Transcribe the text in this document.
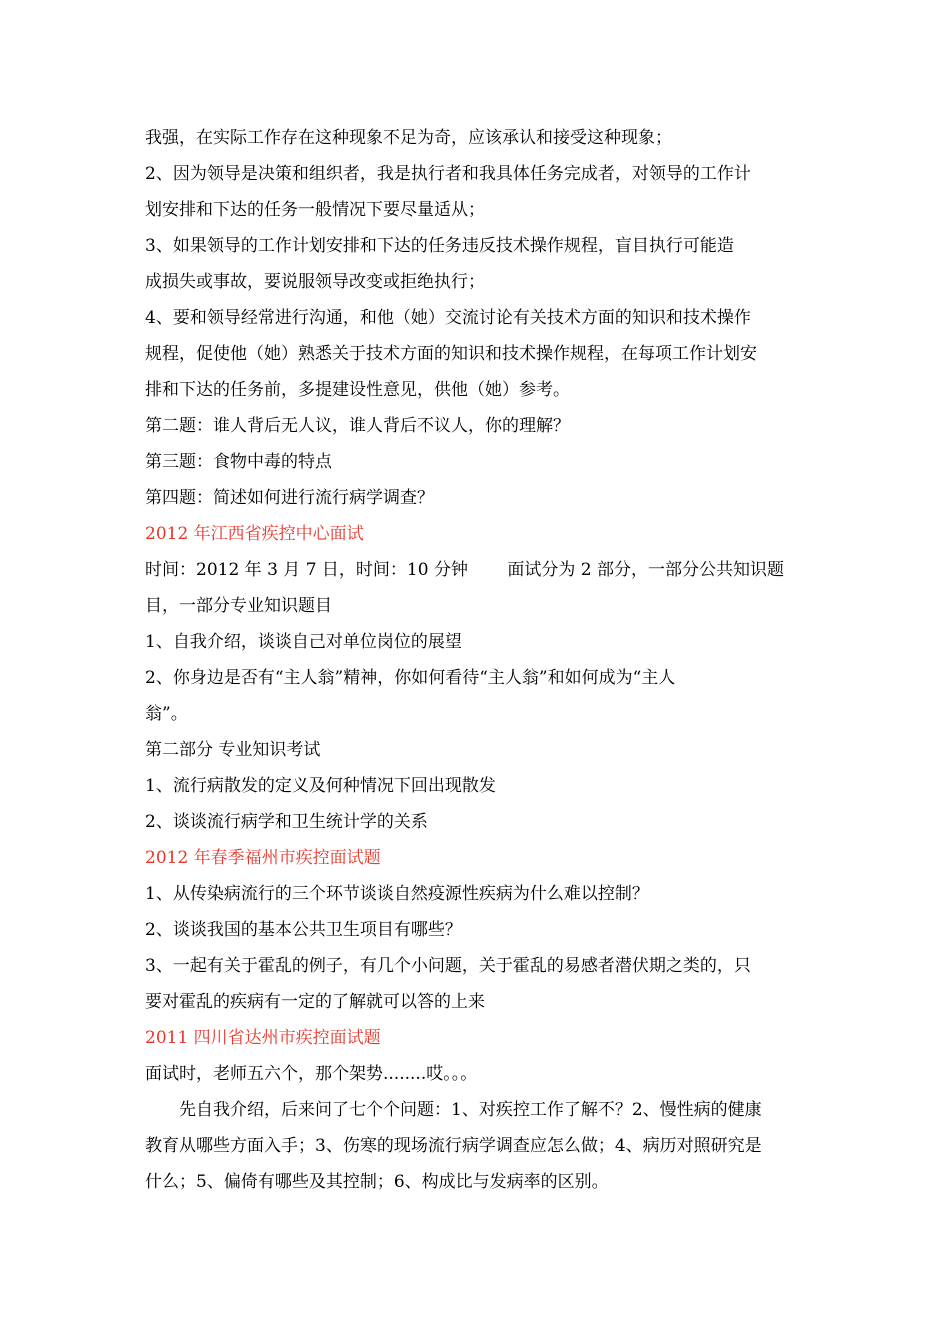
我强，在实际工作存在这种现象不足为奇，应该承认和接受这种现象；

2、因为领导是决策和组织者，我是执行者和我具体任务完成者，对领导的工作计

划安排和下达的任务一般情况下要尽量适从；

3、如果领导的工作计划安排和下达的任务违反技术操作规程，盲目执行可能造

成损失或事故，要说服领导改变或拒绝执行；

4、要和领导经常进行沟通，和他（她）交流讨论有关技术方面的知识和技术操作

规程，促使他（她）熟悉关于技术方面的知识和技术操作规程，在每项工作计划安

排和下达的任务前，多提建设性意见，供他（她）参考。

第二题：谁人背后无人议，谁人背后不议人，你的理解？

第三题：食物中毒的特点

第四题：简述如何进行流行病学调查？

2012 年江西省疾控中心面试

时间：2012 年 3 月 7 日，时间：10 分钟　　 面试分为 2 部分，一部分公共知识题

目，一部分专业知识题目

1、自我介绍，谈谈自己对单位岗位的展望

2、你身边是否有“主人翁”精神，你如何看待“主人翁”和如何成为“主人

翁”。

第二部分 专业知识考试

1、流行病散发的定义及何种情况下回出现散发

2、谈谈流行病学和卫生统计学的关系

2012 年春季福州市疾控面试题

1、从传染病流行的三个环节谈谈自然疫源性疾病为什么难以控制？

2、谈谈我国的基本公共卫生项目有哪些？

3、一起有关于霍乱的例子，有几个小问题，关于霍乱的易感者潜伏期之类的，只

要对霍乱的疾病有一定的了解就可以答的上来

2011 四川省达州市疾控面试题

面试时，老师五六个，那个架势........哎。。。

先自我介绍，后来问了七个个问题：1、对疾控工作了解不？2、慢性病的健康

教育从哪些方面入手；3、伤寒的现场流行病学调查应怎么做；4、病历对照研究是

什么；5、偏倚有哪些及其控制；6、构成比与发病率的区别。
